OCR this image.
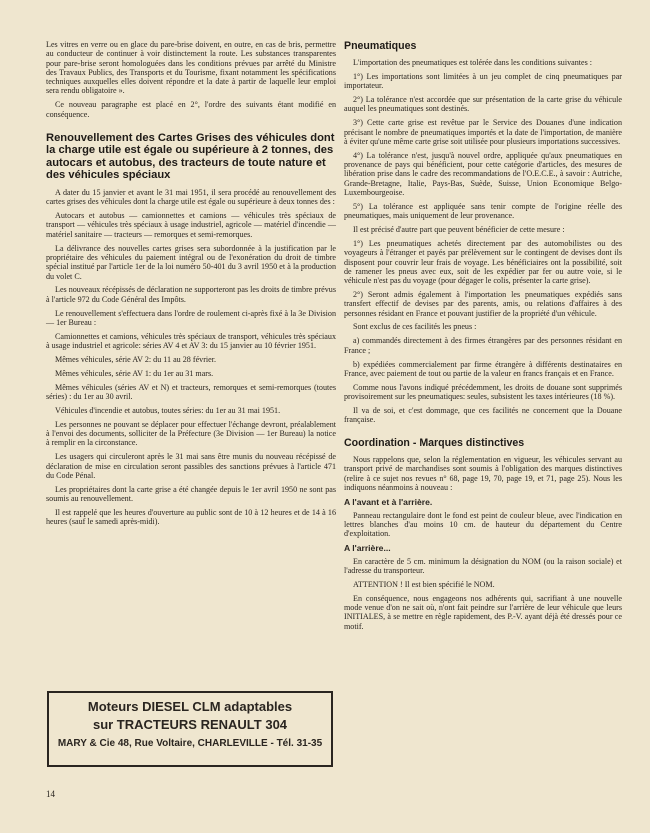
Les vitres en verre ou en glace du pare-brise doivent, en outre, en cas de bris, permettre au conducteur de continuer à voir distinctement la route. Les substances transparentes pour pare-brise seront homologuées dans les conditions prévues par arrêté du Ministre des Travaux Publics, des Transports et du Tourisme, fixant notamment les spécifications techniques auxquelles elles doivent répondre et la date à partir de laquelle leur emploi sera rendu obligatoire ».

Ce nouveau paragraphe est placé en 2°, l'ordre des suivants étant modifié en conséquence.

Renouvellement des Cartes Grises des véhicules dont la charge utile est égale ou supérieure à 2 tonnes, des autocars et autobus, des tracteurs de toute nature et des véhicules spéciaux

A dater du 15 janvier et avant le 31 mai 1951, il sera procédé au renouvellement des cartes grises des véhicules dont la charge utile est égale ou supérieure à deux tonnes des :

Autocars et autobus — camionnettes et camions — véhicules très spéciaux de transport — véhicules très spéciaux à usage industriel, agricole — matériel d'incendie — matériel sanitaire — tracteurs — remorques et semi-remorques.

La délivrance des nouvelles cartes grises sera subordonnée à la justification par le propriétaire des véhicules du paiement intégral ou de l'exonération du droit de timbre spécial institué par l'article 1er de la loi numéro 50-401 du 3 avril 1950 et à la production du volet C.

Les nouveaux récépissés de déclaration ne supporteront pas les droits de timbre prévus à l'article 972 du Code Général des Impôts.

Le renouvellement s'effectuera dans l'ordre de roulement ci-après fixé à la 3e Division — 1er Bureau :

Camionnettes et camions, véhicules très spéciaux de transport, véhicules très spéciaux à usage industriel et agricole: séries AV 4 et AV 3: du 15 janvier au 10 février 1951.

Mêmes véhicules, série AV 2: du 11 au 28 février.

Mêmes véhicules, série AV 1: du 1er au 31 mars.

Mêmes véhicules (séries AV et N) et tracteurs, remorques et semi-remorques (toutes séries) : du 1er au 30 avril.

Véhicules d'incendie et autobus, toutes séries: du 1er au 31 mai 1951.

Les personnes ne pouvant se déplacer pour effectuer l'échange devront, préalablement à l'envoi des documents, solliciter de la Préfecture (3e Division — 1er Bureau) la notice à remplir en la circonstance.

Les usagers qui circuleront après le 31 mai sans être munis du nouveau récépissé de déclaration de mise en circulation seront passibles des sanctions prévues à l'article 471 du Code Pénal.

Les propriétaires dont la carte grise a été changée depuis le 1er avril 1950 ne sont pas soumis au renouvellement.

Il est rappelé que les heures d'ouverture au public sont de 10 à 12 heures et de 14 à 16 heures (sauf le samedi après-midi).

Moteurs DIESEL CLM adaptables
sur TRACTEURS RENAULT 304
MARY & Cie 48, Rue Voltaire, CHARLEVILLE - Tél. 31-35
14
Pneumatiques

L'importation des pneumatiques est tolérée dans les conditions suivantes :

1°) Les importations sont limitées à un jeu complet de cinq pneumatiques par importateur.

2°) La tolérance n'est accordée que sur présentation de la carte grise du véhicule auquel les pneumatiques sont destinés.

3°) Cette carte grise est revêtue par le Service des Douanes d'une indication précisant le nombre de pneumatiques importés et la date de l'importation, de manière à éviter qu'une même carte grise soit utilisée pour plusieurs importations successives.

4°) La tolérance n'est, jusqu'à nouvel ordre, appliquée qu'aux pneumatiques en provenance de pays qui bénéficient, pour cette catégorie d'articles, des mesures de libération prise dans le cadre des recommandations de l'O.E.C.E., à savoir : Autriche, Grande-Bretagne, Italie, Pays-Bas, Suède, Suisse, Union Economique Belgo-Luxembourgeoise.

5°) La tolérance est appliquée sans tenir compte de l'origine réelle des pneumatiques, mais uniquement de leur provenance.

Il est précisé d'autre part que peuvent bénéficier de cette mesure :

1°) Les pneumatiques achetés directement par des automobilistes ou des voyageurs à l'étranger et payés par prélèvement sur le contingent de devises dont ils disposent pour couvrir leur frais de voyage. Les bénéficiaires ont la possibilité, soit de ramener les pneus avec eux, soit de les expédier par fer ou autre voie, si le véhicule n'est pas du voyage (pour dégager le colis, présenter la carte grise).

2°) Seront admis également à l'importation les pneumatiques expédiés sans transfert effectif de devises par des parents, amis, ou relations d'affaires à des personnes résidant en France et pouvant justifier de la propriété d'un véhicule.

Sont exclus de ces facilités les pneus :

a) commandés directement à des firmes étrangères par des personnes résidant en France ;

b) expédiées commercialement par firme étrangère à différents destinataires en France, avec paiement de tout ou partie de la valeur en francs français et en France.

Comme nous l'avons indiqué précédemment, les droits de douane sont supprimés provisoirement sur les pneumatiques: seules, subsistent les taxes intérieures (18 %).

Il va de soi, et c'est dommage, que ces facilités ne concernent que la Douane française.

Coordination - Marques distinctives

Nous rappelons que, selon la réglementation en vigueur, les véhicules servant au transport privé de marchandises sont soumis à l'obligation des marques distinctives (relire à ce sujet nos revues n° 68, page 19, 70, page 19, et 71, page 25). Nous les indiquons néanmoins à nouveau :

A l'avant et à l'arrière.

Panneau rectangulaire dont le fond est peint de couleur bleue, avec l'indication en lettres blanches d'au moins 10 cm. de hauteur du département du Centre d'exploitation.

A l'arrière...

En caractère de 5 cm. minimum la désignation du NOM (ou la raison sociale) et l'adresse du transporteur.

ATTENTION ! Il est bien spécifié le NOM.

En conséquence, nous engageons nos adhérents qui, sacrifiant à une nouvelle mode venue d'on ne sait où, n'ont fait peindre sur l'arrière de leur véhicule que leurs INITIALES, à se mettre en règle rapidement, des P.-V. ayant déjà été dressés pour ce motif.
